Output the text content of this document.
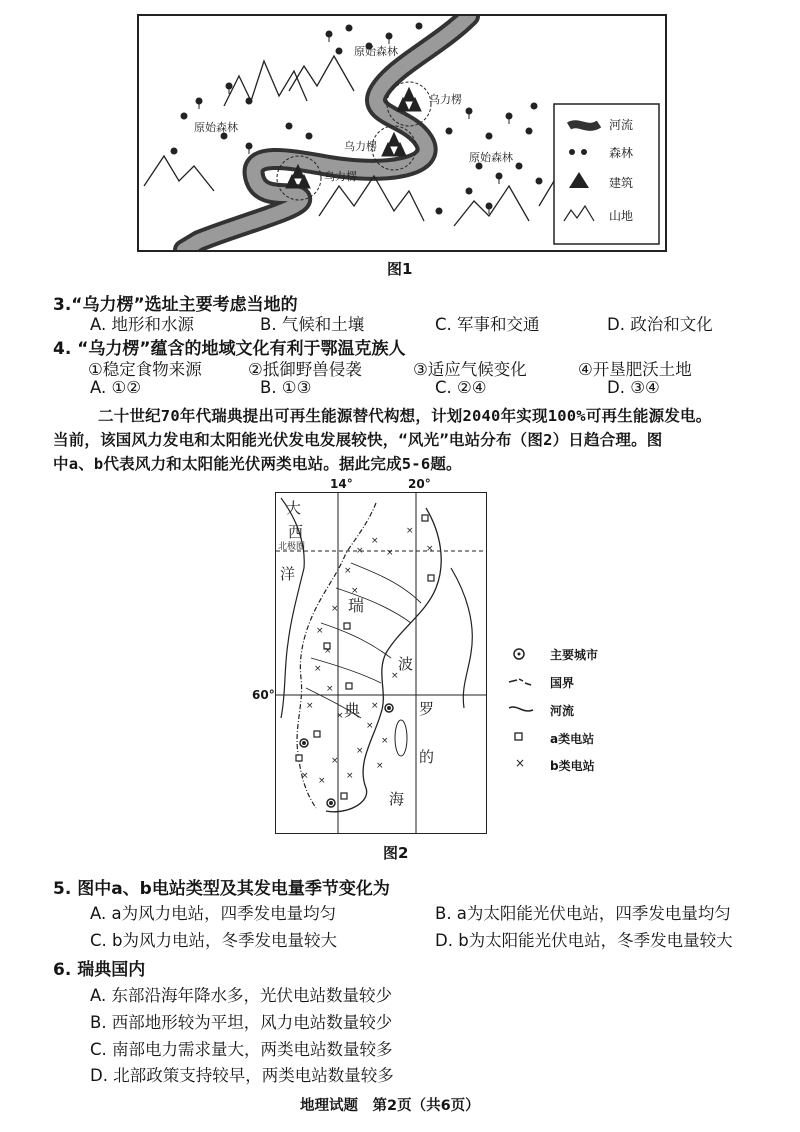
原始森林
原始森林
原始森林
乌力楞
乌力楞
乌力楞
河流
森林
建筑
山地
图1
3.“乌力楞”选址主要考虑当地的
A. 地形和水源	B. 气候和土壤	C. 军事和交通	D. 政治和文化
4. “乌力楞”蕴含的地域文化有利于鄂温克族人
①稳定食物来源	②抵御野兽侵袭	③适应气候变化	④开垦肥沃土地
A. ①②	B. ①③	C. ②④	D. ③④
二十世纪70年代瑞典提出可再生能源替代构想，计划2040年实现100%可再生能源发电。
当前，该国风力发电和太阳能光伏发电发展较快，“风光”电站分布（图2）日趋合理。图
中a、b代表风力和太阳能光伏两类电站。据此完成5-6题。
14°	20°
60°
×
×
×
×
×
×
×
×
×
×
×
×
×
×
×
×
× ×
×
×
×
×
×
×
大
西
北极圈
洋
瑞
典
波
罗
的
海
图2
×
主要城市
国界
河流
a类电站
b类电站
5. 图中a、b电站类型及其发电量季节变化为
A. a为风力电站，四季发电量均匀	B. a为太阳能光伏电站，四季发电量均匀
C. b为风力电站，冬季发电量较大	D. b为太阳能光伏电站，冬季发电量较大
6. 瑞典国内
A. 东部沿海年降水多，光伏电站数量较少
B. 西部地形较为平坦，风力电站数量较少
C. 南部电力需求量大，两类电站数量较多
D. 北部政策支持较早，两类电站数量较多
地理试题　第2页（共6页）
